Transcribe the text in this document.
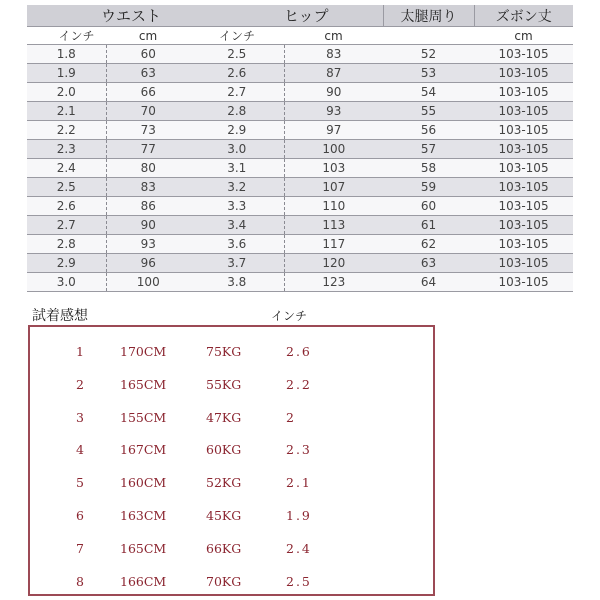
ウエスト		ヒップ		太腿周り	ズボン丈
インチ	cm	インチ	cm		cm
1.8	60	2.5	83	52	103-105
1.9	63	2.6	87	53	103-105
2.0	66	2.7	90	54	103-105
2.1	70	2.8	93	55	103-105
2.2	73	2.9	97	56	103-105
2.3	77	3.0	100	57	103-105
2.4	80	3.1	103	58	103-105
2.5	83	3.2	107	59	103-105
2.6	86	3.3	110	60	103-105
2.7	90	3.4	113	61	103-105
2.8	93	3.6	117	62	103-105
2.9	96	3.7	120	63	103-105
3.0	100	3.8	123	64	103-105
試着感想	インチ
1	170CM	75KG	2.6
2	165CM	55KG	2.2
3	155CM	47KG	2
4	167CM	60KG	2.3
5	160CM	52KG	2.1
6	163CM	45KG	1.9
7	165CM	66KG	2.4
8	166CM	70KG	2.5
